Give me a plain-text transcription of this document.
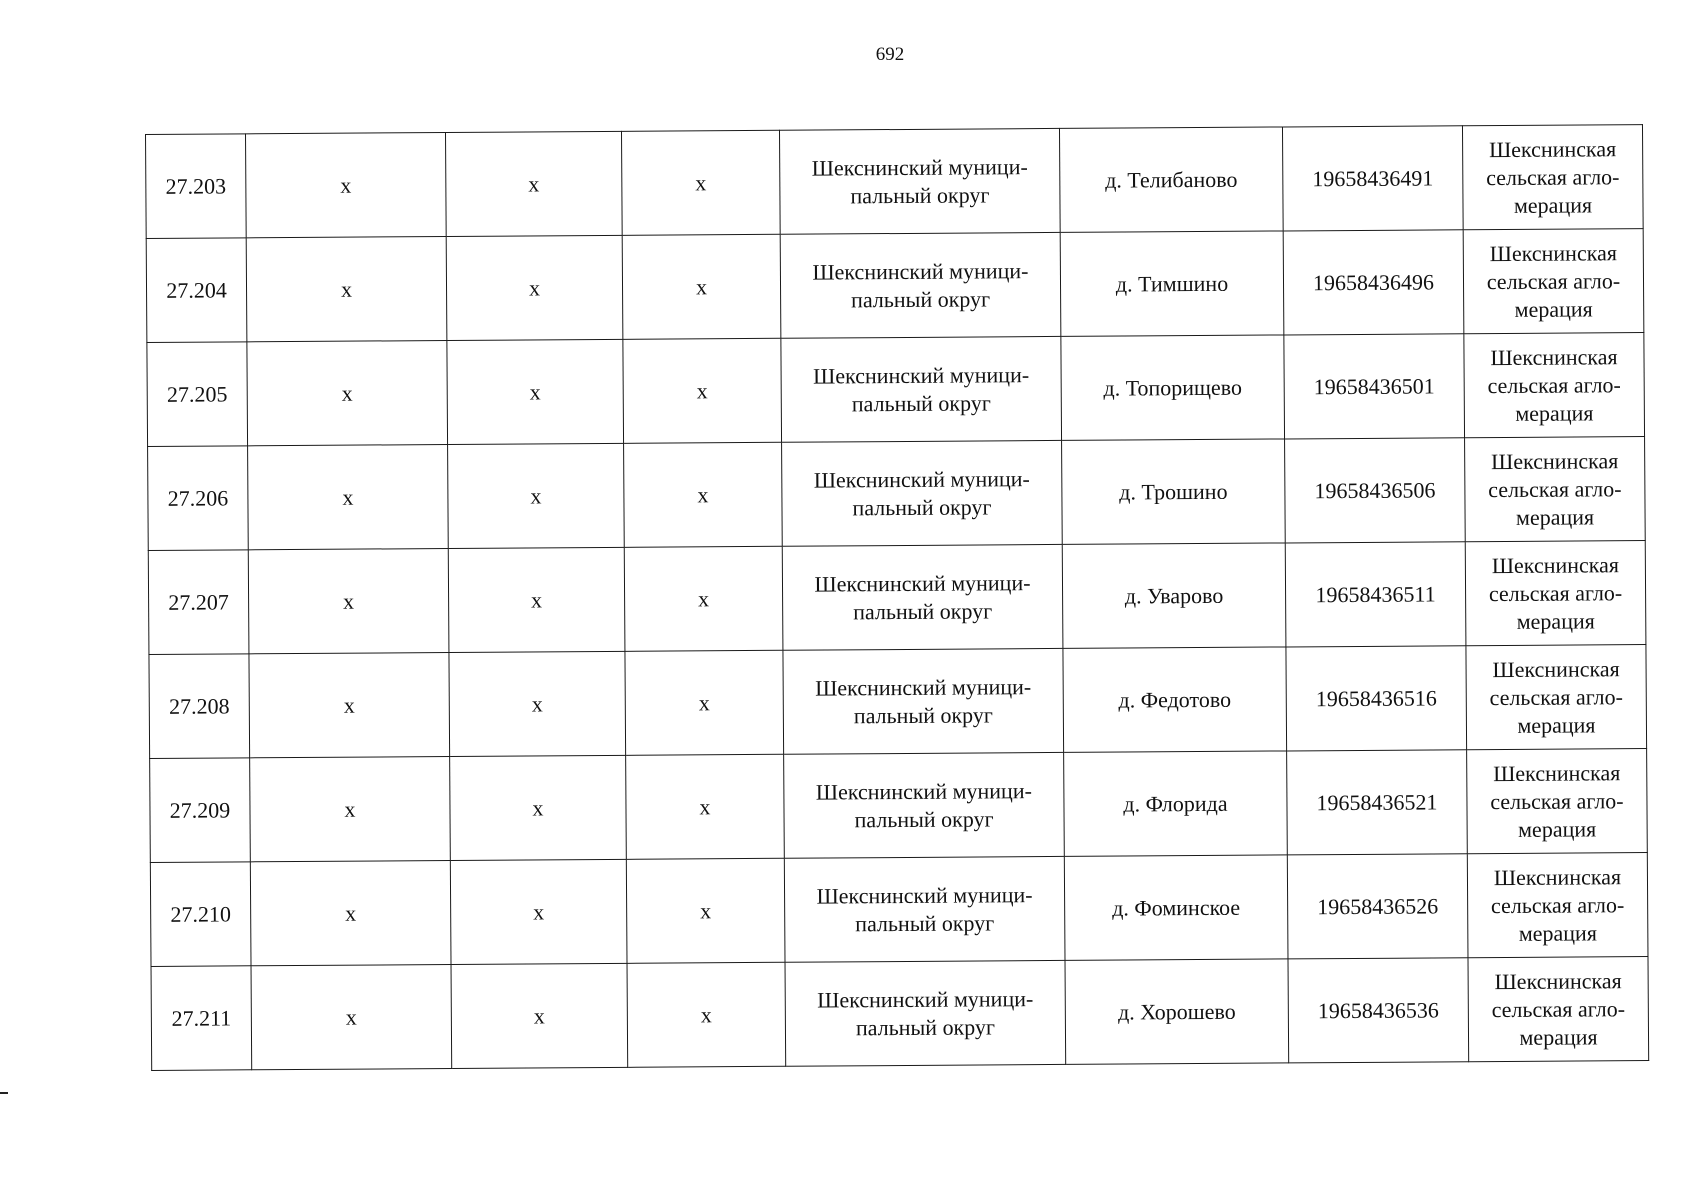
692
27.203	х	х	х	Шекснинский муници-
пальный округ	д. Телибаново	19658436491	Шекснинская
сельская агло-
мерация
27.204	х	х	х	Шекснинский муници-
пальный округ	д. Тимшино	19658436496	Шекснинская
сельская агло-
мерация
27.205	х	х	х	Шекснинский муници-
пальный округ	д. Топорищево	19658436501	Шекснинская
сельская агло-
мерация
27.206	х	х	х	Шекснинский муници-
пальный округ	д. Трошино	19658436506	Шекснинская
сельская агло-
мерация
27.207	х	х	х	Шекснинский муници-
пальный округ	д. Уварово	19658436511	Шекснинская
сельская агло-
мерация
27.208	х	х	х	Шекснинский муници-
пальный округ	д. Федотово	19658436516	Шекснинская
сельская агло-
мерация
27.209	х	х	х	Шекснинский муници-
пальный округ	д. Флорида	19658436521	Шекснинская
сельская агло-
мерация
27.210	х	х	х	Шекснинский муници-
пальный округ	д. Фоминское	19658436526	Шекснинская
сельская агло-
мерация
27.211	х	х	х	Шекснинский муници-
пальный округ	д. Хорошево	19658436536	Шекснинская
сельская агло-
мерация
